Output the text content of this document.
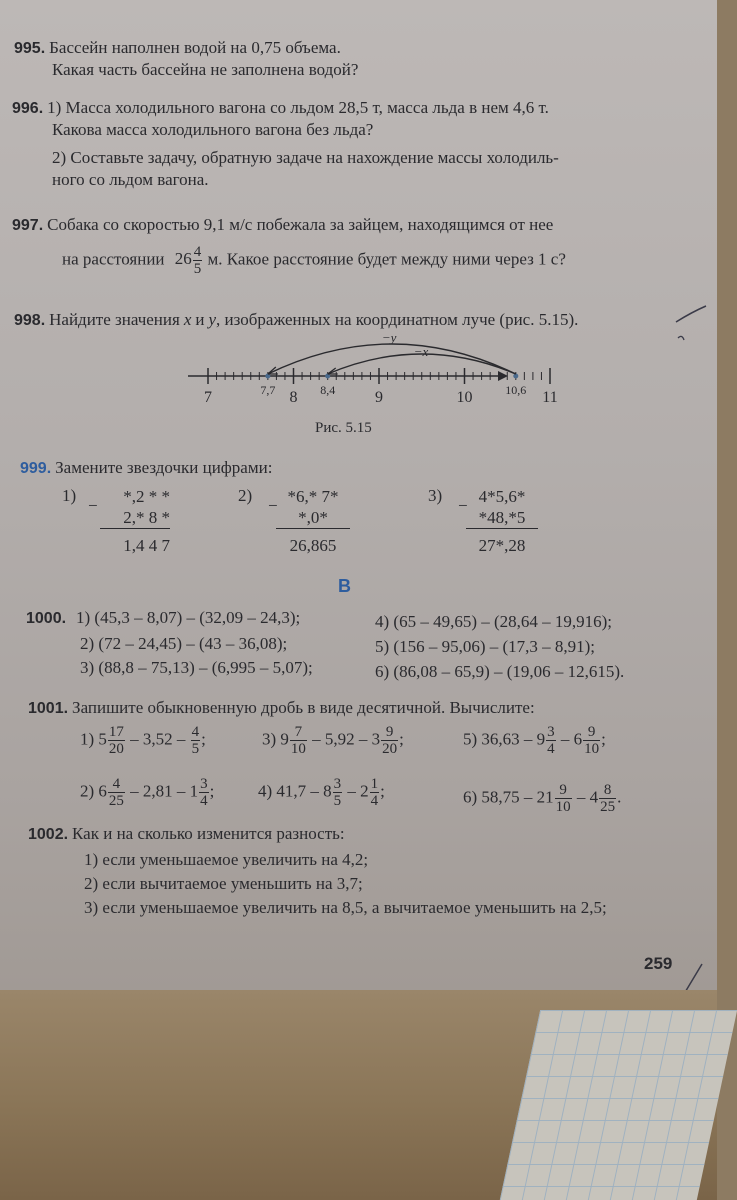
995. Бассейн наполнен водой на 0,75 объема.
Какая часть бассейна не заполнена водой?
996. 1) Масса холодильного вагона со льдом 28,5 т, масса льда в нем 4,6 т.
Какова масса холодильного вагона без льда?
2) Составьте задачу, обратную задаче на нахождение массы холодиль-
ного со льдом вагона.
997. Собака со скоростью 9,1 м/с побежала за зайцем, находящимся от нее
на расстоянии $26 \frac{4}{5} м$. Какое расстояние будет между ними через 1 с?
998. Найдите значения x и y, изображенных на координатном луче (рис. 5.15).
7	7,7 8 8,4 9	10	10,6 11
−y
−x
Рис. 5.15
999. Замените звездочки цифрами:
1)
−	*,2 * *
2,* 8 *
1,4 4 7
2)
− *6,* 7*
*,0*
26,865
3)
− 4*5,6*
*48,*5
27*,28
В
1000. 1) (45,3 – 8,07) – (32,09 – 24,3);
2) (72 – 24,45) – (43 – 36,08);
3) (88,8 – 75,13) – (6,995 – 5,07);
4) (65 – 49,65) – (28,64 – 19,916);
5) (156 – 95,06) – (17,3 – 8,91);
6) (86,08 – 65,9) – (19,06 – 12,615).
1001. Запишите обыкновенную дробь в виде десятичной. Вычислите:
1) $5 \frac{17}{20} - 3,52 - \frac{4}{5}$ ;	3) $9 \frac{7}{10} - 5,92 - 3 \frac{9}{20}$ ;	5) $36,63 - 9 \frac{3}{4} - 6 \frac{9}{10}$ ;
2) $6 \frac{4}{25} - 2,81 - 1 \frac{3}{4}$ ;	4) $41,7 - 8 \frac{3}{5} - 2 \frac{1}{4}$ ;	6) $58,75 - 21 \frac{9}{10} - 4 \frac{8}{25}$ .
1002. Как и на сколько изменится разность:
1) если уменьшаемое увеличить на 4,2;
2) если вычитаемое уменьшить на 3,7;
3) если уменьшаемое увеличить на 8,5, а вычитаемое уменьшить на 2,5;
259
